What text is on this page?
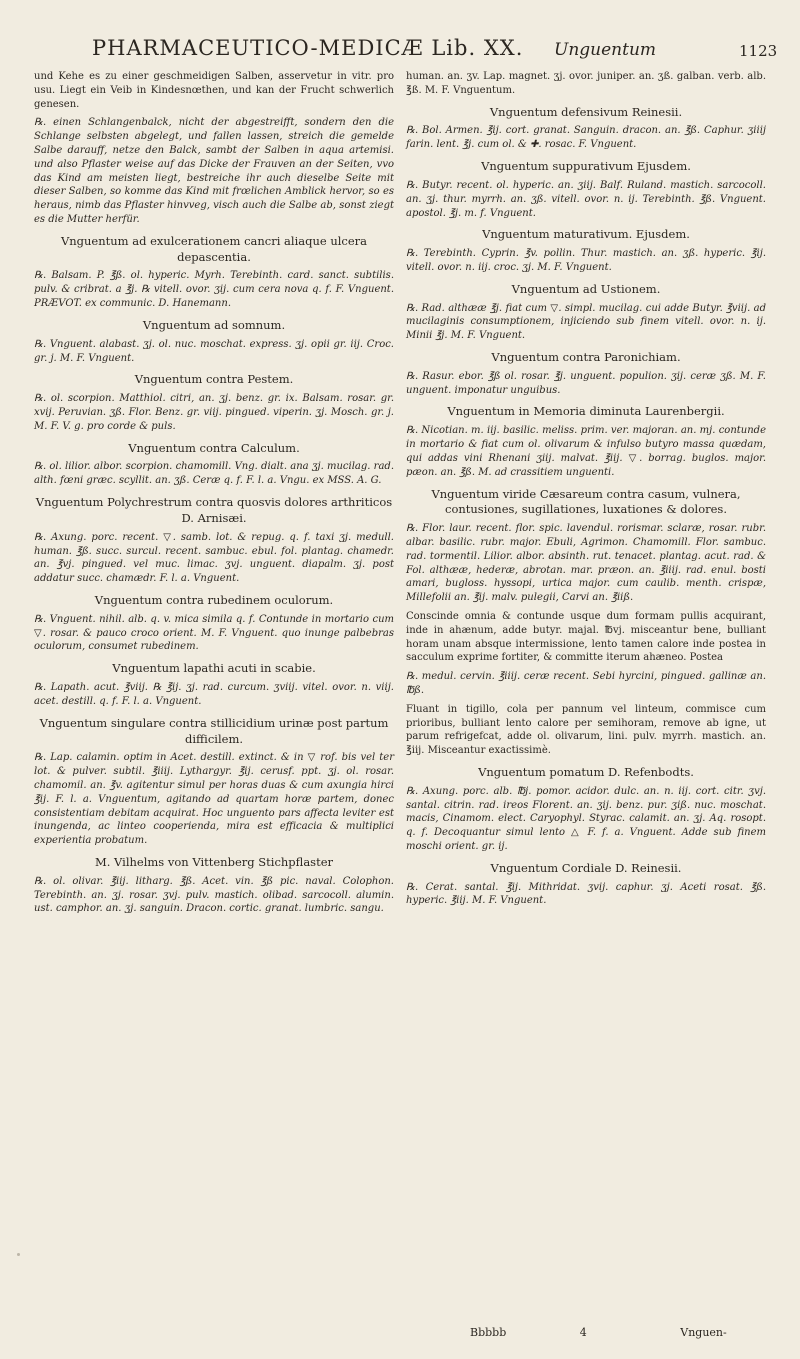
PHARMACEUTICO-MEDICÆ Lib. XX. Unguentum	1123

und Kehe es zu einer geschmeidigen Salben, asservetur in vitr. pro usu. Liegt ein Veib in Kindesnœthen, und kan der Frucht schwerlich genesen.

℞. einen Schlangenbalck, nicht der abgestreifft, sondern den die Schlange selbsten abgelegt, und fallen lassen, streich die gemelde Salbe darauff, netze den Balck, sambt der Salben in aqua artemisi. und also Pflaster weise auf das Dicke der Frauven an der Seiten, vvo das Kind am meisten liegt, bestreiche ihr auch dieselbe Seite mit dieser Salben, so komme das Kind mit frœlichen Amblick hervor, so es heraus, nimb das Pflaster hinvveg, visch auch die Salbe ab, sonst ziegt es die Mutter herfür.

Vnguentum ad exulcerationem cancri aliaque ulcera depascentia.

℞. Balsam. P. ℥ß. ol. hyperic. Myrh. Terebinth. card. sanct. subtilis. pulv. & cribrat. a ℥j. ℞ vitell. ovor. ʒij. cum cera nova q. f. F. Vnguent. PRÆVOT. ex communic. D. Hanemann.

Vnguentum ad somnum.

℞. Vnguent. alabast. ʒj. ol. nuc. moschat. express. ʒj. opii gr. iij. Croc. gr. j. M. F. Vnguent.

Vnguentum contra Pestem.

℞. ol. scorpion. Matthiol. citri, an. ʒj. benz. gr. ix. Balsam. rosar. gr. xvij. Peruvian. ʒß. Flor. Benz. gr. viij. pingued. viperin. ʒj. Mosch. gr. j. M. F. V. g. pro corde & puls.

Vnguentum contra Calculum.

℞. ol. lilior. albor. scorpion. chamomill. Vng. dialt. ana ʒj. mucilag. rad. alth. fœni græc. scyllit. an. ʒß. Ceræ q. f. F. l. a. Vngu. ex MSS. A. G.

Vnguentum Polychrestrum contra quosvis dolores arthriticos D. Arnisæi.

℞. Axung. porc. recent. ▽. samb. lot. & repug. q. f. taxi ʒj. medull. human. ℥ß. succ. surcul. recent. sambuc. ebul. fol. plantag. chamedr. an. ℥vj. pingued. vel muc. limac. ʒvj. unguent. diapalm. ʒj. post addatur succ. chamædr. F. l. a. Vnguent.

Vnguentum contra rubedinem oculorum.

℞. Vnguent. nihil. alb. q. v. mica simila q. f. Contunde in mortario cum ▽. rosar. & pauco croco orient. M. F. Vnguent. quo inunge palbebras oculorum, consumet rubedinem.

Vnguentum lapathi acuti in scabie.

℞. Lapath. acut. ℥viij. ℞ ℥ij. ʒj. rad. curcum. ʒviij. vitel. ovor. n. viij. acet. destill. q. f. F. l. a. Vnguent.

Vnguentum singulare contra stillicidium urinæ post partum difficilem.

℞. Lap. calamin. optim in Acet. destill. extinct. & in ▽ rof. bis vel ter lot. & pulver. subtil. ℥iiij. Lythargyr. ℥ij. cerusf. ppt. ʒj. ol. rosar. chamomil. an. ℥v. agitentur simul per horas duas & cum axungia hirci ℥ij. F. l. a. Vnguentum, agitando ad quartam horæ partem, donec consistentiam debitam acquirat. Hoc unguento pars affecta leviter est inungenda, ac linteo cooperienda, mira est efficacia & multiplici experientia probatum.

M. Vilhelms von Vittenberg Stichpflaster

℞. ol. olivar. ℥iij. litharg. ℥ß. Acet. vin. ℥ß pic. naval. Colophon. Terebinth. an. ʒj. rosar. ʒvj. pulv. mastich. olibad. sarcocoll. alumin. ust. camphor. an. ʒj. sanguin. Dracon. cortic. granat. lumbric. sangu.

human. an. ʒv. Lap. magnet. ʒj. ovor. juniper. an. ʒß. galban. verb. alb. ℥ß. M. F. Vnguentum.

Vnguentum defensivum Reinesii.

℞. Bol. Armen. ℥ij. cort. granat. Sanguin. dracon. an. ℥ß. Caphur. ʒiiij farin. lent. ℥j. cum ol. & ✚. rosac. F. Vnguent.

Vnguentum suppurativum Ejusdem.

℞. Butyr. recent. ol. hyperic. an. ʒiij. Balf. Ruland. mastich. sarcocoll. an. ʒj. thur. myrrh. an. ʒß. vitell. ovor. n. ij. Terebinth. ℥ß. Vnguent. apostol. ℥j. m. f. Vnguent.

Vnguentum maturativum. Ejusdem.

℞. Terebinth. Cyprin. ℥v. pollin. Thur. mastich. an. ʒß. hyperic. ℥ij. vitell. ovor. n. iij. croc. ʒj. M. F. Vnguent.

Vnguentum ad Ustionem.

℞. Rad. althææ ℥j. fiat cum ▽. simpl. mucilag. cui adde Butyr. ℥viij. ad mucilaginis consumptionem, injiciendo sub finem vitell. ovor. n. ij. Minii ℥j. M. F. Vnguent.

Vnguentum contra Paronichiam.

℞. Rasur. ebor. ℥ß ol. rosar. ℥j. unguent. populion. ʒij. ceræ ʒß. M. F. unguent. imponatur unguibus.

Vnguentum in Memoria diminuta Laurenbergii.

℞. Nicotian. m. iij. basilic. meliss. prim. ver. majoran. an. mj. contunde in mortario & fiat cum ol. olivarum & infulso butyro massa quædam, qui addas vini Rhenani ʒiij. malvat. ℥iij. ▽. borrag. buglos. major. pæon. an. ℥ß. M. ad crassitiem unguenti.

Vnguentum viride Cæsareum contra casum, vulnera, contusiones, sugillationes, luxationes & dolores.

℞. Flor. laur. recent. flor. spic. lavendul. rorismar. sclaræ, rosar. rubr. albar. basilic. rubr. major. Ebuli, Agrimon. Chamomill. Flor. sambuc. rad. tormentil. Lilior. albor. absinth. rut. tenacet. plantag. acut. rad. & Fol. althææ, hederæ, abrotan. mar. præon. an. ℥iiij. rad. enul. bosti amari, bugloss. hyssopi, urtica major. cum caulib. menth. crispæ, Millefolii an. ℥ij. malv. pulegii, Carvi an. ℥iiß.

Conscinde omnia & contunde usque dum formam pullis acquirant, inde in ahænum, adde butyr. majal. ℔vj. misceantur bene, bulliant horam unam absque intermissione, lento tamen calore inde postea in sacculum exprime fortiter, & committe iterum ahæneo. Postea

℞. medul. cervin. ℥iiij. ceræ recent. Sebi hyrcini, pingued. gallinæ an. ℔ß.

Fluant in tigillo, cola per pannum vel linteum, commisce cum prioribus, bulliant lento calore per semihoram, remove ab igne, ut parum refrigefcat, adde ol. olivarum, lini. pulv. myrrh. mastich. an. ℥iij. Misceantur exactissimè.

Vnguentum pomatum D. Refenbodts.

℞. Axung. porc. alb. ℔j. pomor. acidor. dulc. an. n. iij. cort. citr. ʒvj. santal. citrin. rad. ireos Florent. an. ʒij. benz. pur. ʒiß. nuc. moschat. macis, Cinamom. elect. Caryophyl. Styrac. calamit. an. ʒj. Aq. rosopt. q. f. Decoquantur simul lento △ F. f. a. Vnguent. Adde sub finem moschi orient. gr. ij.

Vnguentum Cordiale D. Reinesii.

℞. Cerat. santal. ℥ij. Mithridat. ʒvij. caphur. ʒj. Aceti rosat. ℥ß. hyperic. ℥iij. M. F. Vnguent.

Bbbbb	4	Vnguen-
